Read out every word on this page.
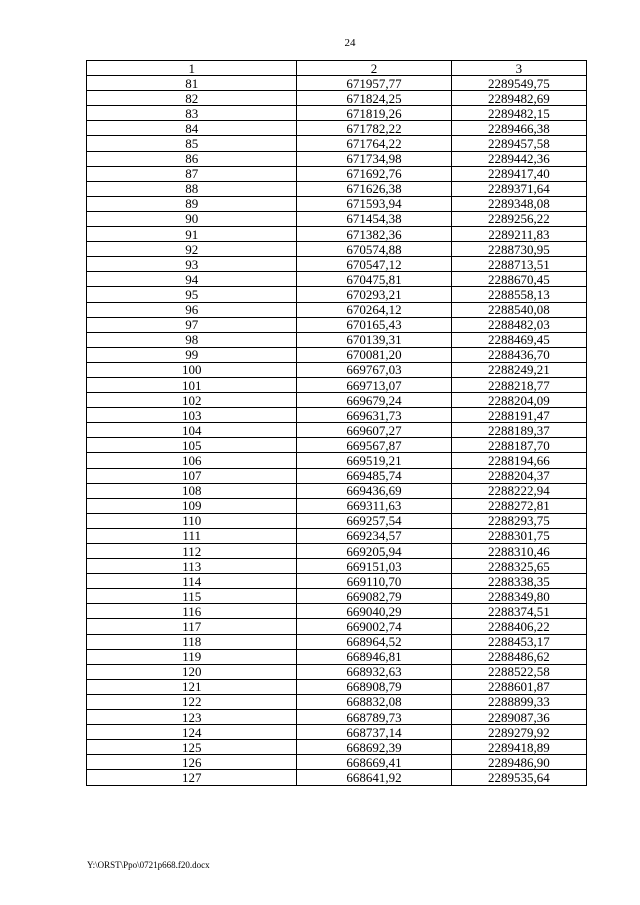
24
1	2	3
81	671957,77	2289549,75
82	671824,25	2289482,69
83	671819,26	2289482,15
84	671782,22	2289466,38
85	671764,22	2289457,58
86	671734,98	2289442,36
87	671692,76	2289417,40
88	671626,38	2289371,64
89	671593,94	2289348,08
90	671454,38	2289256,22
91	671382,36	2289211,83
92	670574,88	2288730,95
93	670547,12	2288713,51
94	670475,81	2288670,45
95	670293,21	2288558,13
96	670264,12	2288540,08
97	670165,43	2288482,03
98	670139,31	2288469,45
99	670081,20	2288436,70
100	669767,03	2288249,21
101	669713,07	2288218,77
102	669679,24	2288204,09
103	669631,73	2288191,47
104	669607,27	2288189,37
105	669567,87	2288187,70
106	669519,21	2288194,66
107	669485,74	2288204,37
108	669436,69	2288222,94
109	669311,63	2288272,81
110	669257,54	2288293,75
111	669234,57	2288301,75
112	669205,94	2288310,46
113	669151,03	2288325,65
114	669110,70	2288338,35
115	669082,79	2288349,80
116	669040,29	2288374,51
117	669002,74	2288406,22
118	668964,52	2288453,17
119	668946,81	2288486,62
120	668932,63	2288522,58
121	668908,79	2288601,87
122	668832,08	2288899,33
123	668789,73	2289087,36
124	668737,14	2289279,92
125	668692,39	2289418,89
126	668669,41	2289486,90
127	668641,92	2289535,64
Y:\ORST\Ppo\0721p668.f20.docx
